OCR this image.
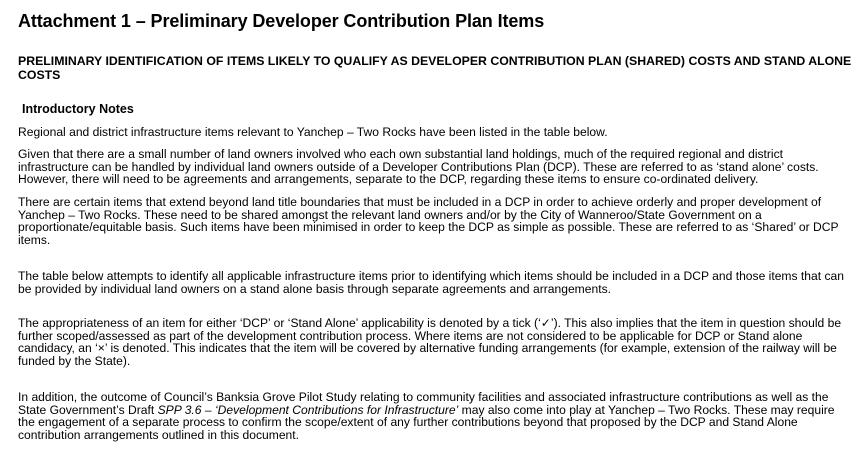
Attachment 1 – Preliminary Developer Contribution Plan Items
PRELIMINARY IDENTIFICATION OF ITEMS LIKELY TO QUALIFY AS DEVELOPER CONTRIBUTION PLAN (SHARED) COSTS AND STAND ALONE COSTS
Introductory Notes
Regional and district infrastructure items relevant to Yanchep – Two Rocks have been listed in the table below.
Given that there are a small number of land owners involved who each own substantial land holdings, much of the required regional and district infrastructure can be handled by individual land owners outside of a Developer Contributions Plan (DCP). These are referred to as ‘stand alone’ costs. However, there will need to be agreements and arrangements, separate to the DCP, regarding these items to ensure co-ordinated delivery.
There are certain items that extend beyond land title boundaries that must be included in a DCP in order to achieve orderly and proper development of Yanchep – Two Rocks. These need to be shared amongst the relevant land owners and/or by the City of Wanneroo/State Government on a proportionate/equitable basis. Such items have been minimised in order to keep the DCP as simple as possible. These are referred to as ‘Shared’ or DCP items.
The table below attempts to identify all applicable infrastructure items prior to identifying which items should be included in a DCP and those items that can be provided by individual land owners on a stand alone basis through separate agreements and arrangements.
The appropriateness of an item for either ‘DCP’ or ‘Stand Alone’ applicability is denoted by a tick (‘✓’). This also implies that the item in question should be further scoped/assessed as part of the development contribution process. Where items are not considered to be applicable for DCP or Stand alone candidacy, an ‘×’ is denoted. This indicates that the item will be covered by alternative funding arrangements (for example, extension of the railway will be funded by the State).
In addition, the outcome of Council’s Banksia Grove Pilot Study relating to community facilities and associated infrastructure contributions as well as the State Government’s Draft SPP 3.6 – ‘Development Contributions for Infrastructure’ may also come into play at Yanchep – Two Rocks. These may require the engagement of a separate process to confirm the scope/extent of any further contributions beyond that proposed by the DCP and Stand Alone contribution arrangements outlined in this document.
